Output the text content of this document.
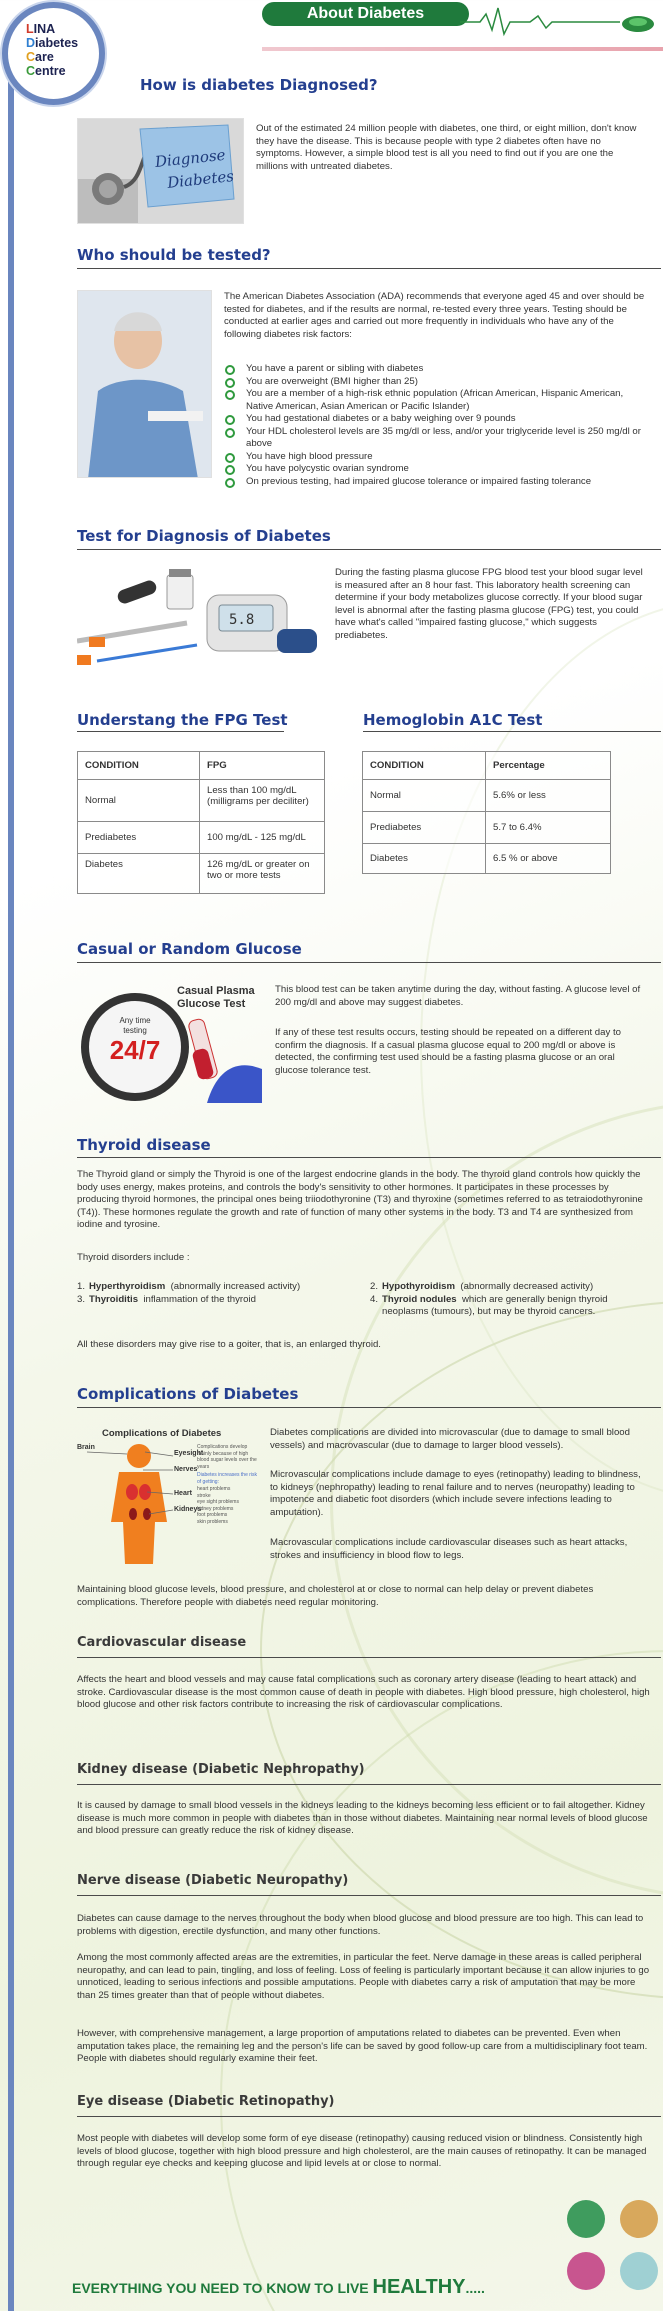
LINA
Diabetes
Care
Centre
About Diabetes
How is diabetes Diagnosed?
Diagnose
Diabetes

Out of the estimated 24 million people with diabetes, one third, or eight million, don't know they have the disease. This is because people with type 2 diabetes often have no symptoms. However, a simple blood test is all you need to find out if you are one the millions with untreated diabetes.

Who should be tested?

The American Diabetes Association (ADA) recommends that everyone aged 45 and over should be tested for diabetes, and if the results are normal, re-tested every three years. Testing should be conducted at earlier ages and carried out more frequently in individuals who have any of the following diabetes risk factors:

You have a parent or sibling with diabetes
You are overweight (BMI higher than 25)
You are a member of a high-risk ethnic population (African American, Hispanic American, Native American, Asian American or Pacific Islander)
You had gestational diabetes or a baby weighing over 9 pounds
Your HDL cholesterol levels are 35 mg/dl or less, and/or your triglyceride level is 250 mg/dl or above
You have high blood pressure
You have polycystic ovarian syndrome
On previous testing, had impaired glucose tolerance or impaired fasting tolerance
Test for Diagnosis of Diabetes
5.8

During the fasting plasma glucose FPG blood test your blood sugar level is measured after an 8 hour fast. This laboratory health screening can determine if your body metabolizes glucose correctly. If your blood sugar level is abnormal after the fasting plasma glucose (FPG) test, you could have what's called "impaired fasting glucose," which suggests prediabetes.

Understang the FPG Test	Hemoglobin A1C Test
CONDITION	FPG
Normal	Less than 100 mg/dL (milligrams per deciliter)
Prediabetes	100 mg/dL - 125 mg/dL
Diabetes	126 mg/dL or greater on two or more tests
CONDITION	Percentage
Normal	5.6% or less
Prediabetes	5.7 to 6.4%
Diabetes	6.5 % or above
Casual or Random Glucose
Casual Plasma
Glucose Test
Any time
testing
24/7

This blood test can be taken anytime during the day, without fasting. A glucose level of 200 mg/dl and above may suggest diabetes.

If any of these test results occurs, testing should be repeated on a different day to confirm the diagnosis. If a casual plasma glucose equal to 200 mg/dl or above is detected, the confirming test used should be a fasting plasma glucose or an oral glucose tolerance test.

Thyroid disease

The Thyroid gland or simply the Thyroid is one of the largest endocrine glands in the body. The thyroid gland controls how quickly the body uses energy, makes proteins, and controls the body's sensitivity to other hormones. It participates in these processes by producing thyroid hormones, the principal ones being triiodothyronine (T3) and thyroxine (sometimes referred to as tetraiodothyronine (T4)). These hormones regulate the growth and rate of function of many other systems in the body. T3 and T4 are synthesized from iodine and tyrosine.

Thyroid disorders include :

1. Hyperthyroidism (abnormally increased activity)
3. Thyroiditis inflammation of the thyroid
2. Hypothyroidism (abnormally decreased activity)
4. Thyroid nodules which are generally benign thyroid neoplasms (tumours), but may be thyroid cancers.

All these disorders may give rise to a goiter, that is, an enlarged thyroid.

Complications of Diabetes
Complications of Diabetes
Brain
Eyesight
Nerves
Heart
Kidneys
Complications develop mainly because of high blood sugar levels over the years
Diabetes increases the risk of getting:
heart problems
stroke
eye sight problems
kidney problems
foot problems
skin problems

Diabetes complications are divided into microvascular (due to damage to small blood vessels) and macrovascular (due to damage to larger blood vessels).

Microvascular complications include damage to eyes (retinopathy) leading to blindness, to kidneys (nephropathy) leading to renal failure and to nerves (neuropathy) leading to impotence and diabetic foot disorders (which include severe infections leading to amputation).

Macrovascular complications include cardiovascular diseases such as heart attacks, strokes and insufficiency in blood flow to legs.

Maintaining blood glucose levels, blood pressure, and cholesterol at or close to normal can help delay or prevent diabetes complications. Therefore people with diabetes need regular monitoring.

Cardiovascular disease

Affects the heart and blood vessels and may cause fatal complications such as coronary artery disease (leading to heart attack) and stroke. Cardiovascular disease is the most common cause of death in people with diabetes. High blood pressure, high cholesterol, high blood glucose and other risk factors contribute to increasing the risk of cardiovascular complications.

Kidney disease (Diabetic Nephropathy)

It is caused by damage to small blood vessels in the kidneys leading to the kidneys becoming less efficient or to fail altogether. Kidney disease is much more common in people with diabetes than in those without diabetes. Maintaining near normal levels of blood glucose and blood pressure can greatly reduce the risk of kidney disease.

Nerve disease (Diabetic Neuropathy)

Diabetes can cause damage to the nerves throughout the body when blood glucose and blood pressure are too high. This can lead to problems with digestion, erectile dysfunction, and many other functions.

Among the most commonly affected areas are the extremities, in particular the feet. Nerve damage in these areas is called peripheral neuropathy, and can lead to pain, tingling, and loss of feeling. Loss of feeling is particularly important because it can allow injuries to go unnoticed, leading to serious infections and possible amputations. People with diabetes carry a risk of amputation that may be more than 25 times greater than that of people without diabetes.

However, with comprehensive management, a large proportion of amputations related to diabetes can be prevented. Even when amputation takes place, the remaining leg and the person's life can be saved by good follow-up care from a multidisciplinary foot team. People with diabetes should regularly examine their feet.

Eye disease (Diabetic Retinopathy)

Most people with diabetes will develop some form of eye disease (retinopathy) causing reduced vision or blindness. Consistently high levels of blood glucose, together with high blood pressure and high cholesterol, are the main causes of retinopathy. It can be managed through regular eye checks and keeping glucose and lipid levels at or close to normal.

EVERYTHING YOU NEED TO KNOW TO LIVE HEALTHY.....
